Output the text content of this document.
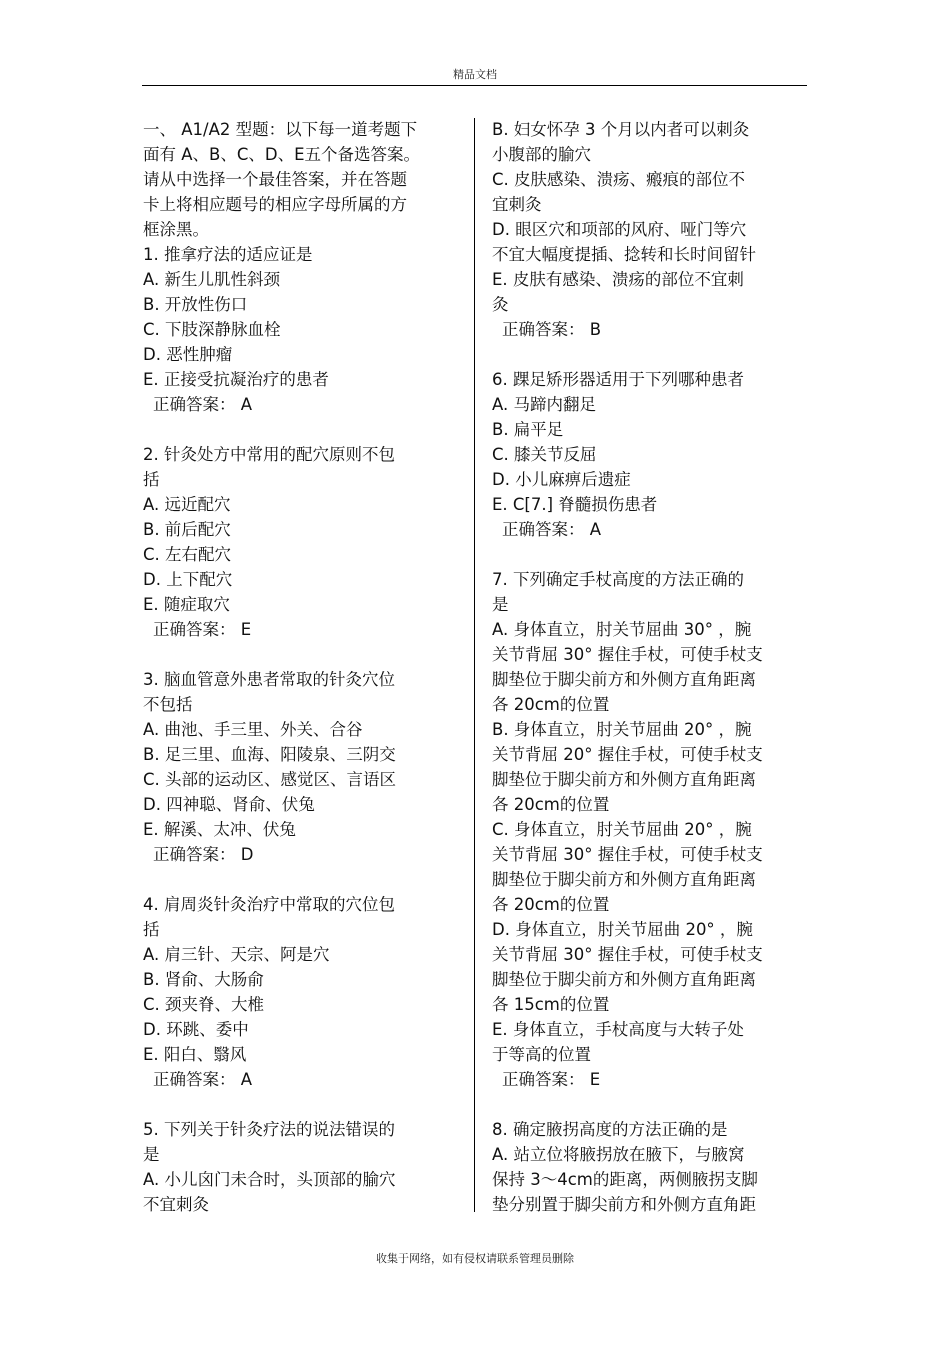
精品文档
一、 A1/A2 型题：以下每一道考题下
面有 A、B、C、D、E五个备选答案。
请从中选择一个最佳答案，并在答题
卡上将相应题号的相应字母所属的方
框涂黑。
1. 推拿疗法的适应证是
A. 新生儿肌性斜颈
B. 开放性伤口
C. 下肢深静脉血栓
D. 恶性肿瘤
E. 正接受抗凝治疗的患者
正确答案： A
2. 针灸处方中常用的配穴原则不包
括
A. 远近配穴
B. 前后配穴
C. 左右配穴
D. 上下配穴
E. 随症取穴
正确答案： E
3. 脑血管意外患者常取的针灸穴位
不包括
A. 曲池、手三里、外关、合谷
B. 足三里、血海、阳陵泉、三阴交
C. 头部的运动区、感觉区、言语区
D. 四神聪、肾俞、伏兔
E. 解溪、太冲、伏兔
正确答案： D
4. 肩周炎针灸治疗中常取的穴位包
括
A. 肩三针、天宗、阿是穴
B. 肾俞、大肠俞
C. 颈夹脊、大椎
D. 环跳、委中
E. 阳白、翳风
正确答案： A
5. 下列关于针灸疗法的说法错误的
是
A. 小儿囟门未合时，头顶部的腧穴
不宜刺灸
B. 妇女怀孕 3 个月以内者可以刺灸
小腹部的腧穴
C. 皮肤感染、溃疡、瘢痕的部位不
宜刺灸
D. 眼区穴和项部的风府、哑门等穴
不宜大幅度提插、捻转和长时间留针
E. 皮肤有感染、溃疡的部位不宜刺
灸
正确答案： B
6. 踝足矫形器适用于下列哪种患者
A. 马蹄内翻足
B. 扁平足
C. 膝关节反屈
D. 小儿麻痹后遗症
E. C[7.] 脊髓损伤患者
正确答案： A
7. 下列确定手杖高度的方法正确的
是
A. 身体直立，肘关节屈曲 30° ，腕
关节背屈 30° 握住手杖，可使手杖支
脚垫位于脚尖前方和外侧方直角距离
各 20cm的位置
B. 身体直立，肘关节屈曲 20° ，腕
关节背屈 20° 握住手杖，可使手杖支
脚垫位于脚尖前方和外侧方直角距离
各 20cm的位置
C. 身体直立，肘关节屈曲 20° ，腕
关节背屈 30° 握住手杖，可使手杖支
脚垫位于脚尖前方和外侧方直角距离
各 20cm的位置
D. 身体直立，肘关节屈曲 20° ，腕
关节背屈 30° 握住手杖，可使手杖支
脚垫位于脚尖前方和外侧方直角距离
各 15cm的位置
E. 身体直立，手杖高度与大转子处
于等高的位置
正确答案： E
8. 确定腋拐高度的方法正确的是
A. 站立位将腋拐放在腋下，与腋窝
保持 3～4cm的距离，两侧腋拐支脚
垫分别置于脚尖前方和外侧方直角距
收集于网络，如有侵权请联系管理员删除
